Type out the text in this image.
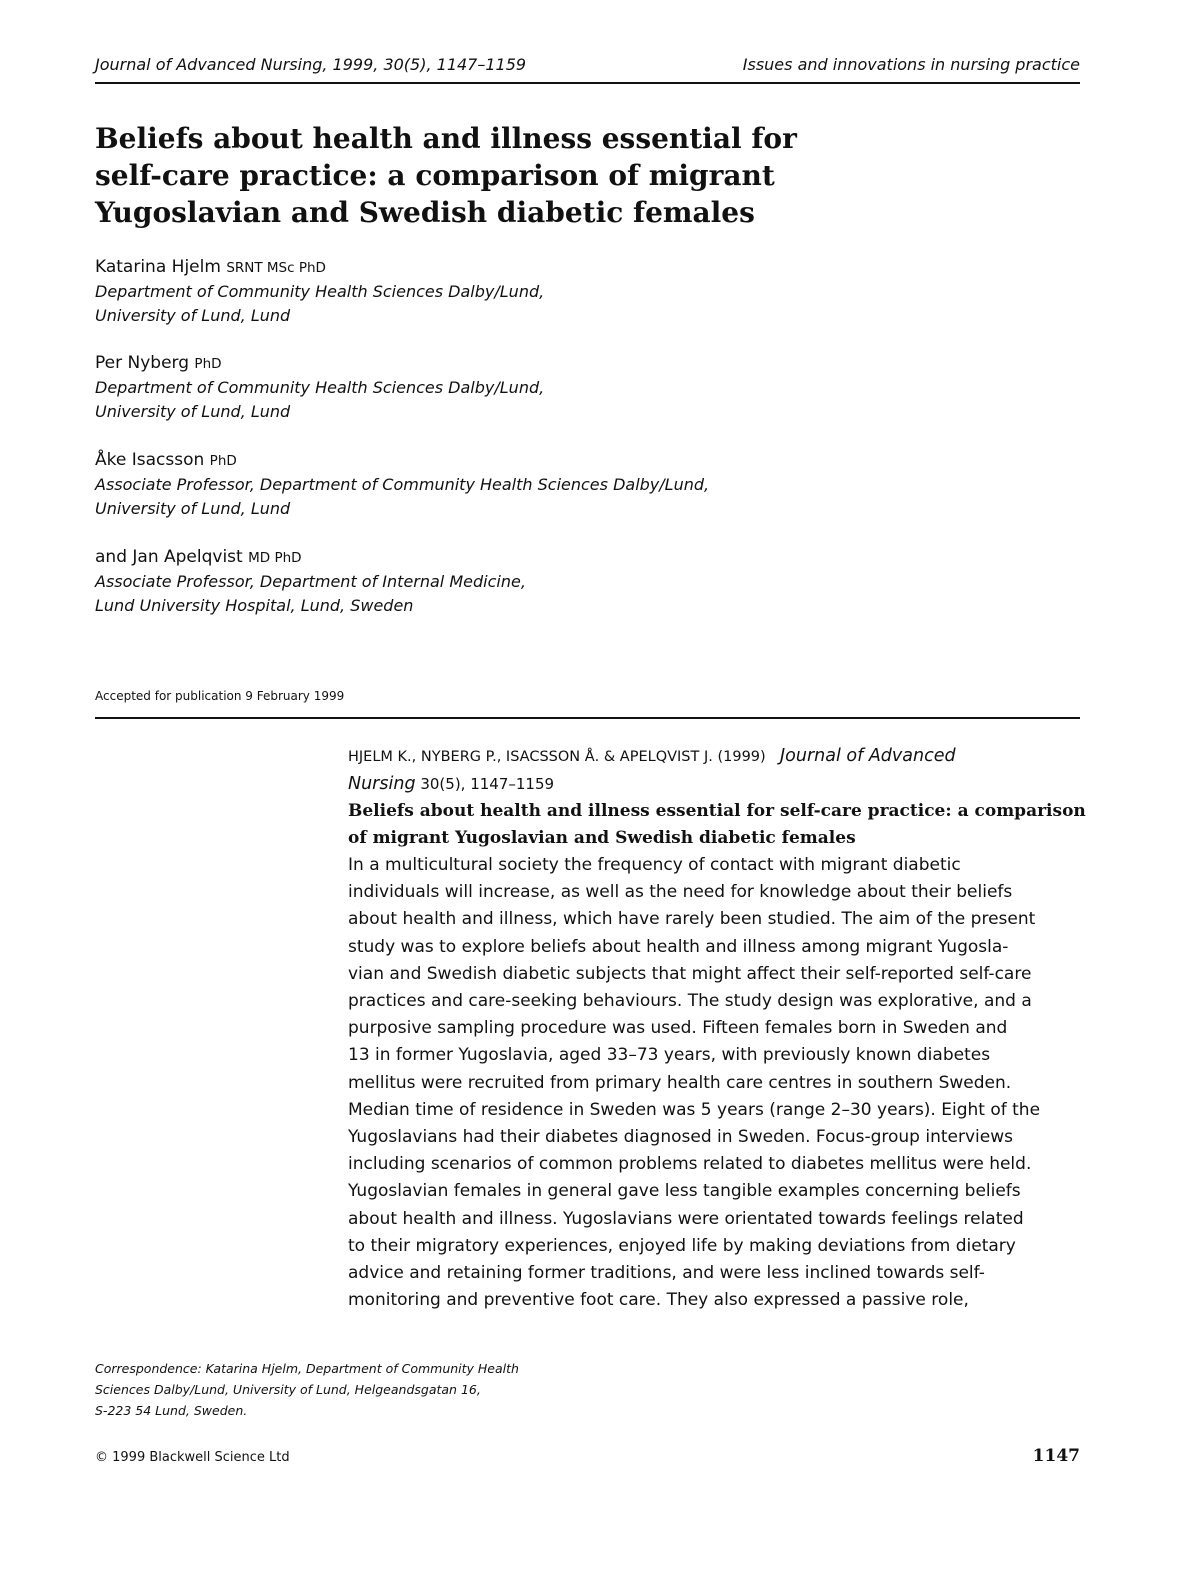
Journal of Advanced Nursing, 1999, 30(5), 1147–1159	Issues and innovations in nursing practice
Beliefs about health and illness essential for
self-care practice: a comparison of migrant
Yugoslavian and Swedish diabetic females
Katarina Hjelm SRNT MSc PhD
Department of Community Health Sciences Dalby/Lund,
University of Lund, Lund
Per Nyberg PhD
Department of Community Health Sciences Dalby/Lund,
University of Lund, Lund
Åke Isacsson PhD
Associate Professor, Department of Community Health Sciences Dalby/Lund,
University of Lund, Lund
and Jan Apelqvist MD PhD
Associate Professor, Department of Internal Medicine,
Lund University Hospital, Lund, Sweden
Accepted for publication 9 February 1999
HJELM K., NYBERG P., ISACSSON Å. & APELQVIST J. (1999) Journal of Advanced
Nursing 30(5), 1147–1159
Beliefs about health and illness essential for self-care practice: a comparison
of migrant Yugoslavian and Swedish diabetic females
In a multicultural society the frequency of contact with migrant diabetic
individuals will increase, as well as the need for knowledge about their beliefs
about health and illness, which have rarely been studied. The aim of the present
study was to explore beliefs about health and illness among migrant Yugosla-
vian and Swedish diabetic subjects that might affect their self-reported self-care
practices and care-seeking behaviours. The study design was explorative, and a
purposive sampling procedure was used. Fifteen females born in Sweden and
13 in former Yugoslavia, aged 33–73 years, with previously known diabetes
mellitus were recruited from primary health care centres in southern Sweden.
Median time of residence in Sweden was 5 years (range 2–30 years). Eight of the
Yugoslavians had their diabetes diagnosed in Sweden. Focus-group interviews
including scenarios of common problems related to diabetes mellitus were held.
Yugoslavian females in general gave less tangible examples concerning beliefs
about health and illness. Yugoslavians were orientated towards feelings related
to their migratory experiences, enjoyed life by making deviations from dietary
advice and retaining former traditions, and were less inclined towards self-
monitoring and preventive foot care. They also expressed a passive role,
Correspondence: Katarina Hjelm, Department of Community Health
Sciences Dalby/Lund, University of Lund, Helgeandsgatan 16,
S-223 54 Lund, Sweden.
© 1999 Blackwell Science Ltd	1147
